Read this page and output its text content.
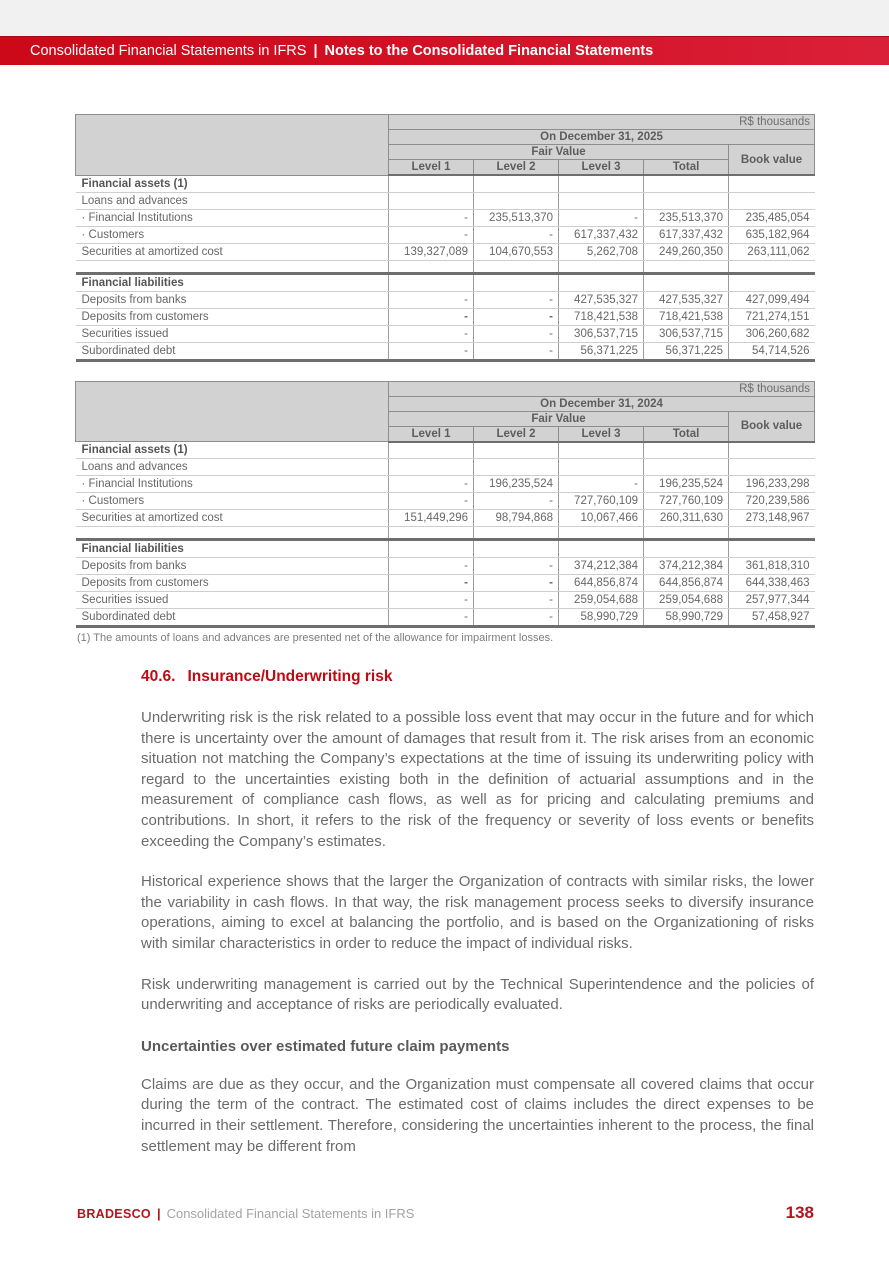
Consolidated Financial Statements in IFRS | Notes to the Consolidated Financial Statements
	R$ thousands				
	On December 31, 2025				
	Fair Value				Book value
	Level 1	Level 2	Level 3	Total	
Financial assets (1)					
Loans and advances					
· Financial Institutions	-	235,513,370	-	235,513,370	235,485,054
· Customers	-	-	617,337,432	617,337,432	635,182,964
Securities at amortized cost	139,327,089	104,670,553	5,262,708	249,260,350	263,111,062

Financial liabilities					
Deposits from banks	-	-	427,535,327	427,535,327	427,099,494
Deposits from customers	-	-	718,421,538	718,421,538	721,274,151
Securities issued	-	-	306,537,715	306,537,715	306,260,682
Subordinated debt	-	-	56,371,225	56,371,225	54,714,526
	R$ thousands				
	On December 31, 2024				
	Fair Value				Book value
	Level 1	Level 2	Level 3	Total	
Financial assets (1)					
Loans and advances					
· Financial Institutions	-	196,235,524	-	196,235,524	196,233,298
· Customers	-	-	727,760,109	727,760,109	720,239,586
Securities at amortized cost	151,449,296	98,794,868	10,067,466	260,311,630	273,148,967

Financial liabilities					
Deposits from banks	-	-	374,212,384	374,212,384	361,818,310
Deposits from customers	-	-	644,856,874	644,856,874	644,338,463
Securities issued	-	-	259,054,688	259,054,688	257,977,344
Subordinated debt	-	-	58,990,729	58,990,729	57,458,927
(1) The amounts of loans and advances are presented net of the allowance for impairment losses.
40.6. Insurance/Underwriting risk

Underwriting risk is the risk related to a possible loss event that may occur in the future and for which there is uncertainty over the amount of damages that result from it. The risk arises from an economic situation not matching the Company’s expectations at the time of issuing its underwriting policy with regard to the uncertainties existing both in the definition of actuarial assumptions and in the measurement of compliance cash flows, as well as for pricing and calculating premiums and contributions. In short, it refers to the risk of the frequency or severity of loss events or benefits exceeding the Company’s estimates.

Historical experience shows that the larger the Organization of contracts with similar risks, the lower the variability in cash flows. In that way, the risk management process seeks to diversify insurance operations, aiming to excel at balancing the portfolio, and is based on the Organizationing of risks with similar characteristics in order to reduce the impact of individual risks.

Risk underwriting management is carried out by the Technical Superintendence and the policies of underwriting and acceptance of risks are periodically evaluated.

Uncertainties over estimated future claim payments

Claims are due as they occur, and the Organization must compensate all covered claims that occur during the term of the contract. The estimated cost of claims includes the direct expenses to be incurred in their settlement. Therefore, considering the uncertainties inherent to the process, the final settlement may be different from

BRADESCO | Consolidated Financial Statements in IFRS	138
